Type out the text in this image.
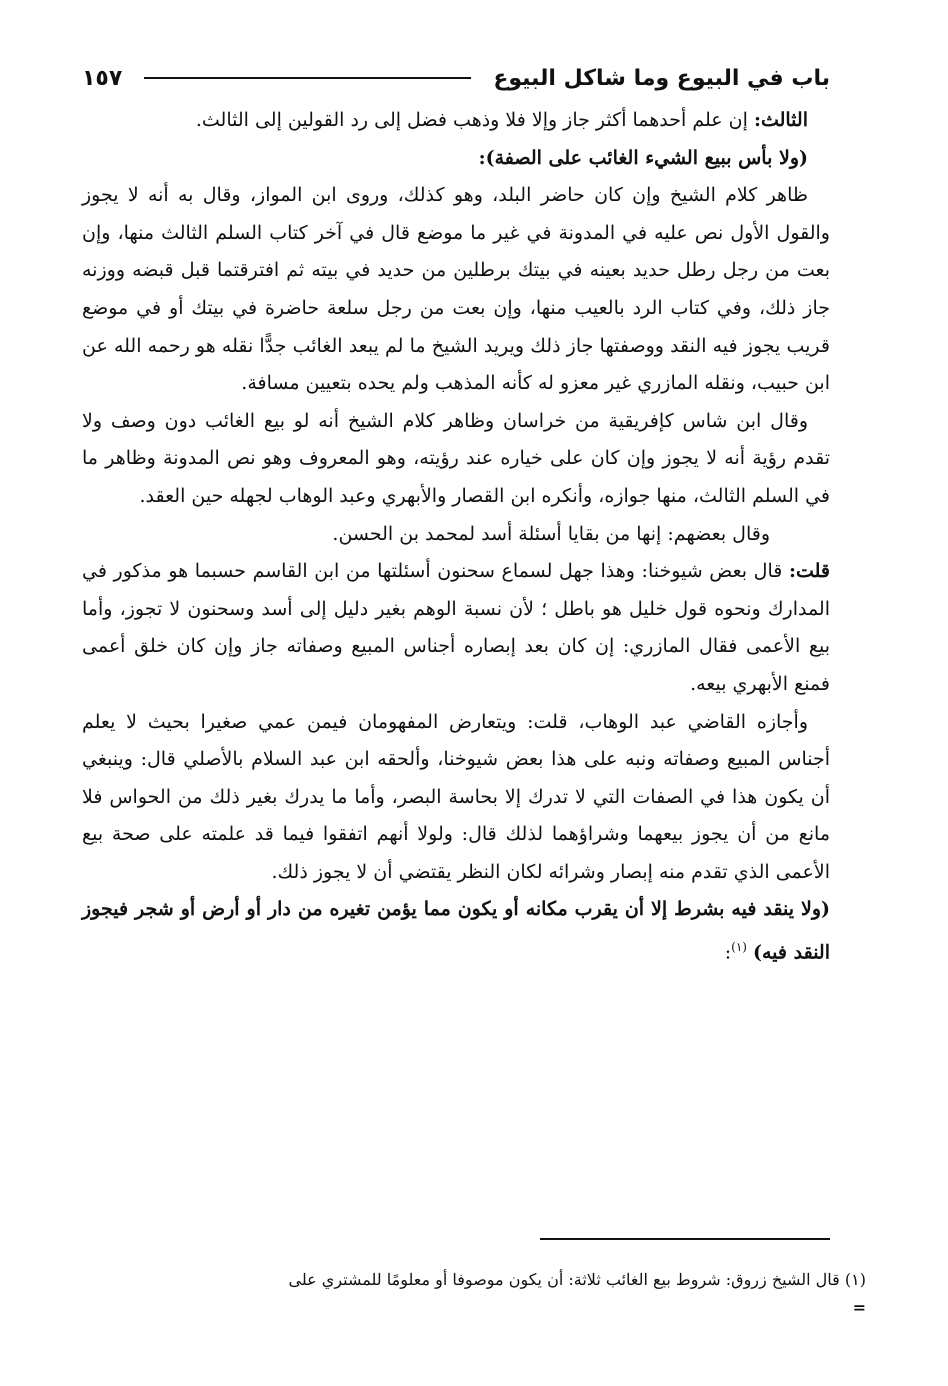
باب في البيوع وما شاكل البيوع
١٥٧

الثالث: إن علم أحدهما أكثر جاز وإلا فلا وذهب فضل إلى رد القولين إلى الثالث.

(ولا بأس ببيع الشيء الغائب على الصفة):

ظاهر كلام الشيخ وإن كان حاضر البلد، وهو كذلك، وروى ابن المواز، وقال به أنه لا يجوز والقول الأول نص عليه في المدونة في غير ما موضع قال في آخر كتاب السلم الثالث منها، وإن بعت من رجل رطل حديد بعينه في بيتك برطلين من حديد في بيته ثم افترقتما قبل قبضه ووزنه جاز ذلك، وفي كتاب الرد بالعيب منها، وإن بعت من رجل سلعة حاضرة في بيتك أو في موضع قريب يجوز فيه النقد ووصفتها جاز ذلك ويريد الشيخ ما لم يبعد الغائب جدًّا نقله هو رحمه الله عن ابن حبيب، ونقله المازري غير معزو له كأنه المذهب ولم يحده بتعيين مسافة.

وقال ابن شاس كإفريقية من خراسان وظاهر كلام الشيخ أنه لو بيع الغائب دون وصف ولا تقدم رؤية أنه لا يجوز وإن كان على خياره عند رؤيته، وهو المعروف وهو نص المدونة وظاهر ما في السلم الثالث، منها جوازه، وأنكره ابن القصار والأبهري وعبد الوهاب لجهله حين العقد.

وقال بعضهم: إنها من بقايا أسئلة أسد لمحمد بن الحسن.

قلت: قال بعض شيوخنا: وهذا جهل لسماع سحنون أسئلتها من ابن القاسم حسبما هو مذكور في المدارك ونحوه قول خليل هو باطل ؛ لأن نسبة الوهم بغير دليل إلى أسد وسحنون لا تجوز، وأما بيع الأعمى فقال المازري: إن كان بعد إبصاره أجناس المبيع وصفاته جاز وإن كان خلق أعمى فمنع الأبهري بيعه.

وأجازه القاضي عبد الوهاب، قلت: ويتعارض المفهومان فيمن عمي صغيرا بحيث لا يعلم أجناس المبيع وصفاته ونبه على هذا بعض شيوخنا، وألحقه ابن عبد السلام بالأصلي قال: وينبغي أن يكون هذا في الصفات التي لا تدرك إلا بحاسة البصر، وأما ما يدرك بغير ذلك من الحواس فلا مانع من أن يجوز بيعهما وشراؤهما لذلك قال: ولولا أنهم اتفقوا فيما قد علمته على صحة بيع الأعمى الذي تقدم منه إبصار وشرائه لكان النظر يقتضي أن لا يجوز ذلك.

(ولا ينقد فيه بشرط إلا أن يقرب مكانه أو يكون مما يؤمن تغيره من دار أو أرض أو شجر فيجوز النقد فيه) $^{(١)}$:

(١) قال الشيخ زروق: شروط بيع الغائب ثلاثة: أن يكون موصوفا أو معلومًا للمشتري على
=
